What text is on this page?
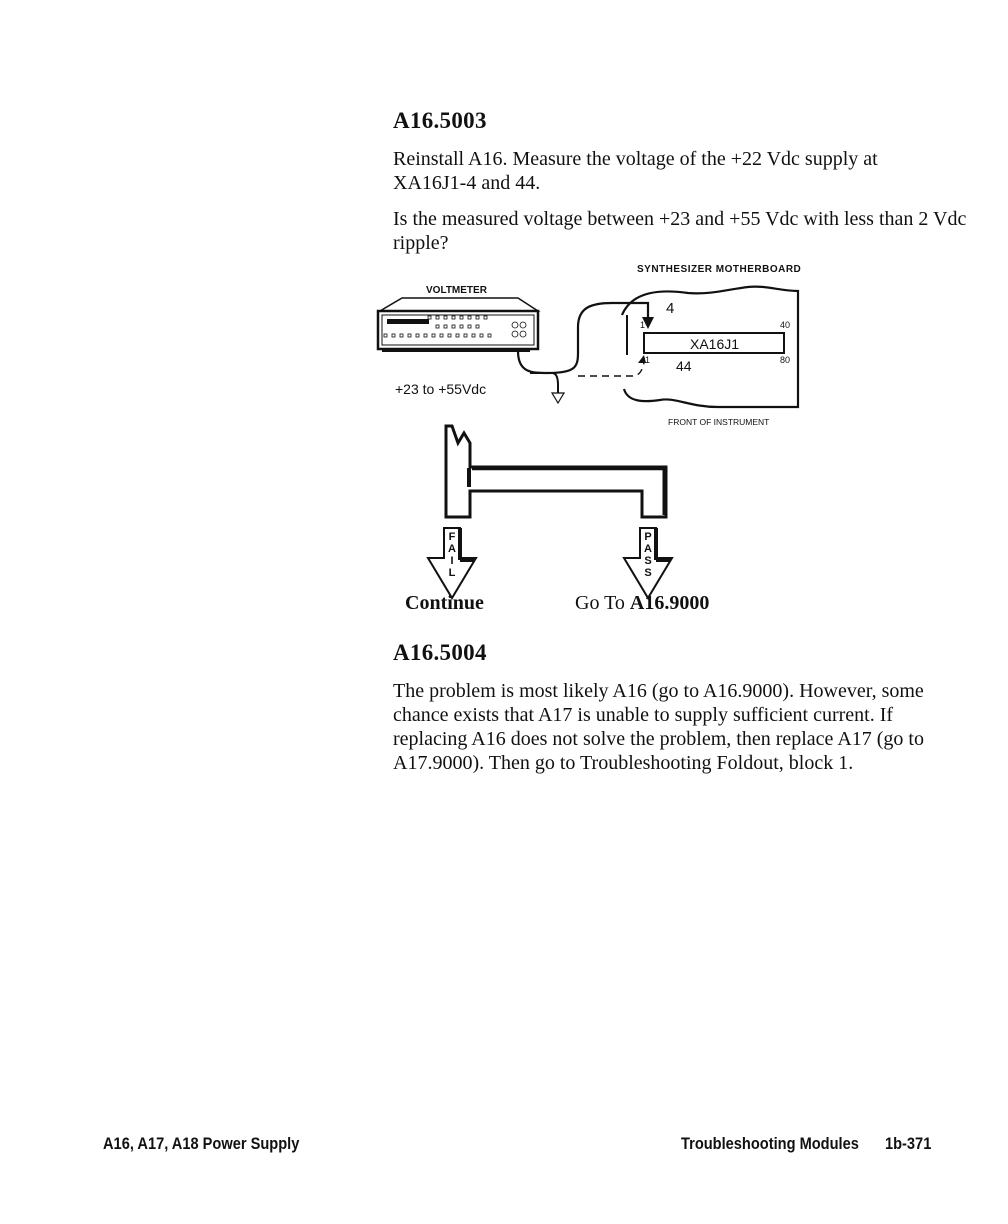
A16.5003

Reinstall A16. Measure the voltage of the +22 Vdc supply at XA16J1-4 and 44.

Is the measured voltage between +23 and +55 Vdc with less than 2 Vdc ripple?

SYNTHESIZER MOTHERBOARD
VOLTMETER
+23 to +55Vdc
XA16J1
4
44
1	40
41	80
FRONT OF INSTRUMENT
F
A
I
L
P
A
S
S
Continue	Go To A16.9000
A16.5004

The problem is most likely A16 (go to A16.9000). However, some chance exists that A17 is unable to supply sufficient current. If replacing A16 does not solve the problem, then replace A17 (go to A17.9000). Then go to Troubleshooting Foldout, block 1.

A16, A17, A18 Power Supply	Troubleshooting Modules 1b-371
